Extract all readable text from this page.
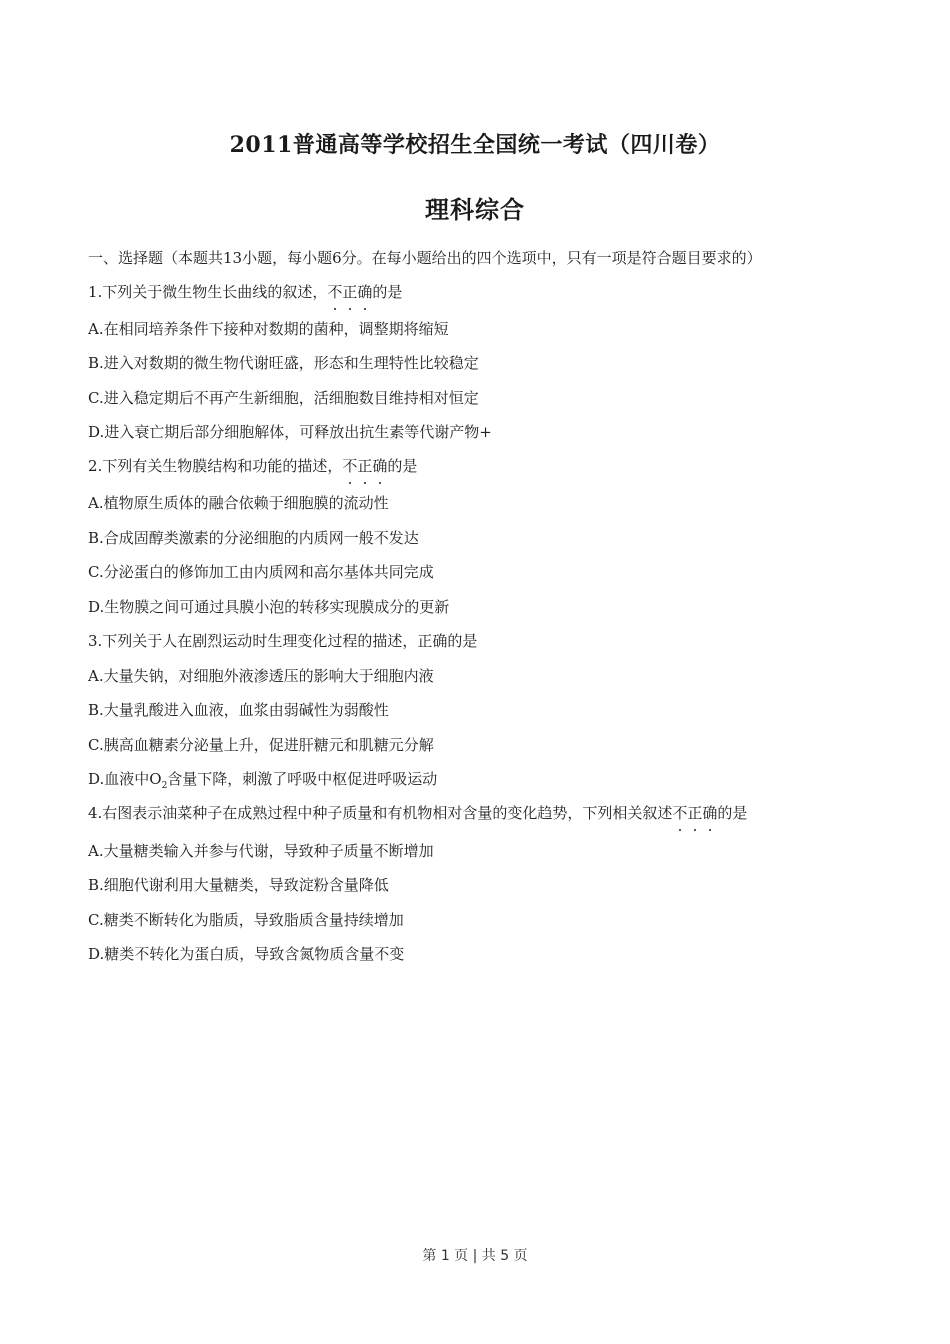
2011普通高等学校招生全国统一考试（四川卷）
理科综合
一、选择题（本题共13小题，每小题6分。在每小题给出的四个选项中，只有一项是符合题目要求的）
1.下列关于微生物生长曲线的叙述，不正确
的是
A.在相同培养条件下接种对数期的菌种，调整期将缩短
B.进入对数期的微生物代谢旺盛，形态和生理特性比较稳定
C.进入稳定期后不再产生新细胞，活细胞数目维持相对恒定
D.进入衰亡期后部分细胞解体，可释放出抗生素等代谢产物+
2.下列有关生物膜结构和功能的描述，不正确
的是
A.植物原生质体的融合依赖于细胞膜的流动性
B.合成固醇类激素的分泌细胞的内质网一般不发达
C.分泌蛋白的修饰加工由内质网和高尔基体共同完成
D.生物膜之间可通过具膜小泡的转移实现膜成分的更新
3.下列关于人在剧烈运动时生理变化过程的描述，正确的是
A.大量失钠，对细胞外液渗透压的影响大于细胞内液
B.大量乳酸进入血液，血浆由弱碱性为弱酸性
C.胰高血糖素分泌量上升，促进肝糖元和肌糖元分解
D.血液中$O_2$含量下降，刺激了呼吸中枢促进呼吸运动
4.右图表示油菜种子在成熟过程中种子质量和有机物相对含量的变化趋势，下列相关叙述不正确
的是
A.大量糖类输入并参与代谢，导致种子质量不断增加
B.细胞代谢利用大量糖类，导致淀粉含量降低
C.糖类不断转化为脂质，导致脂质含量持续增加
D.糖类不转化为蛋白质，导致含氮物质含量不变
第 1 页 | 共 5 页
